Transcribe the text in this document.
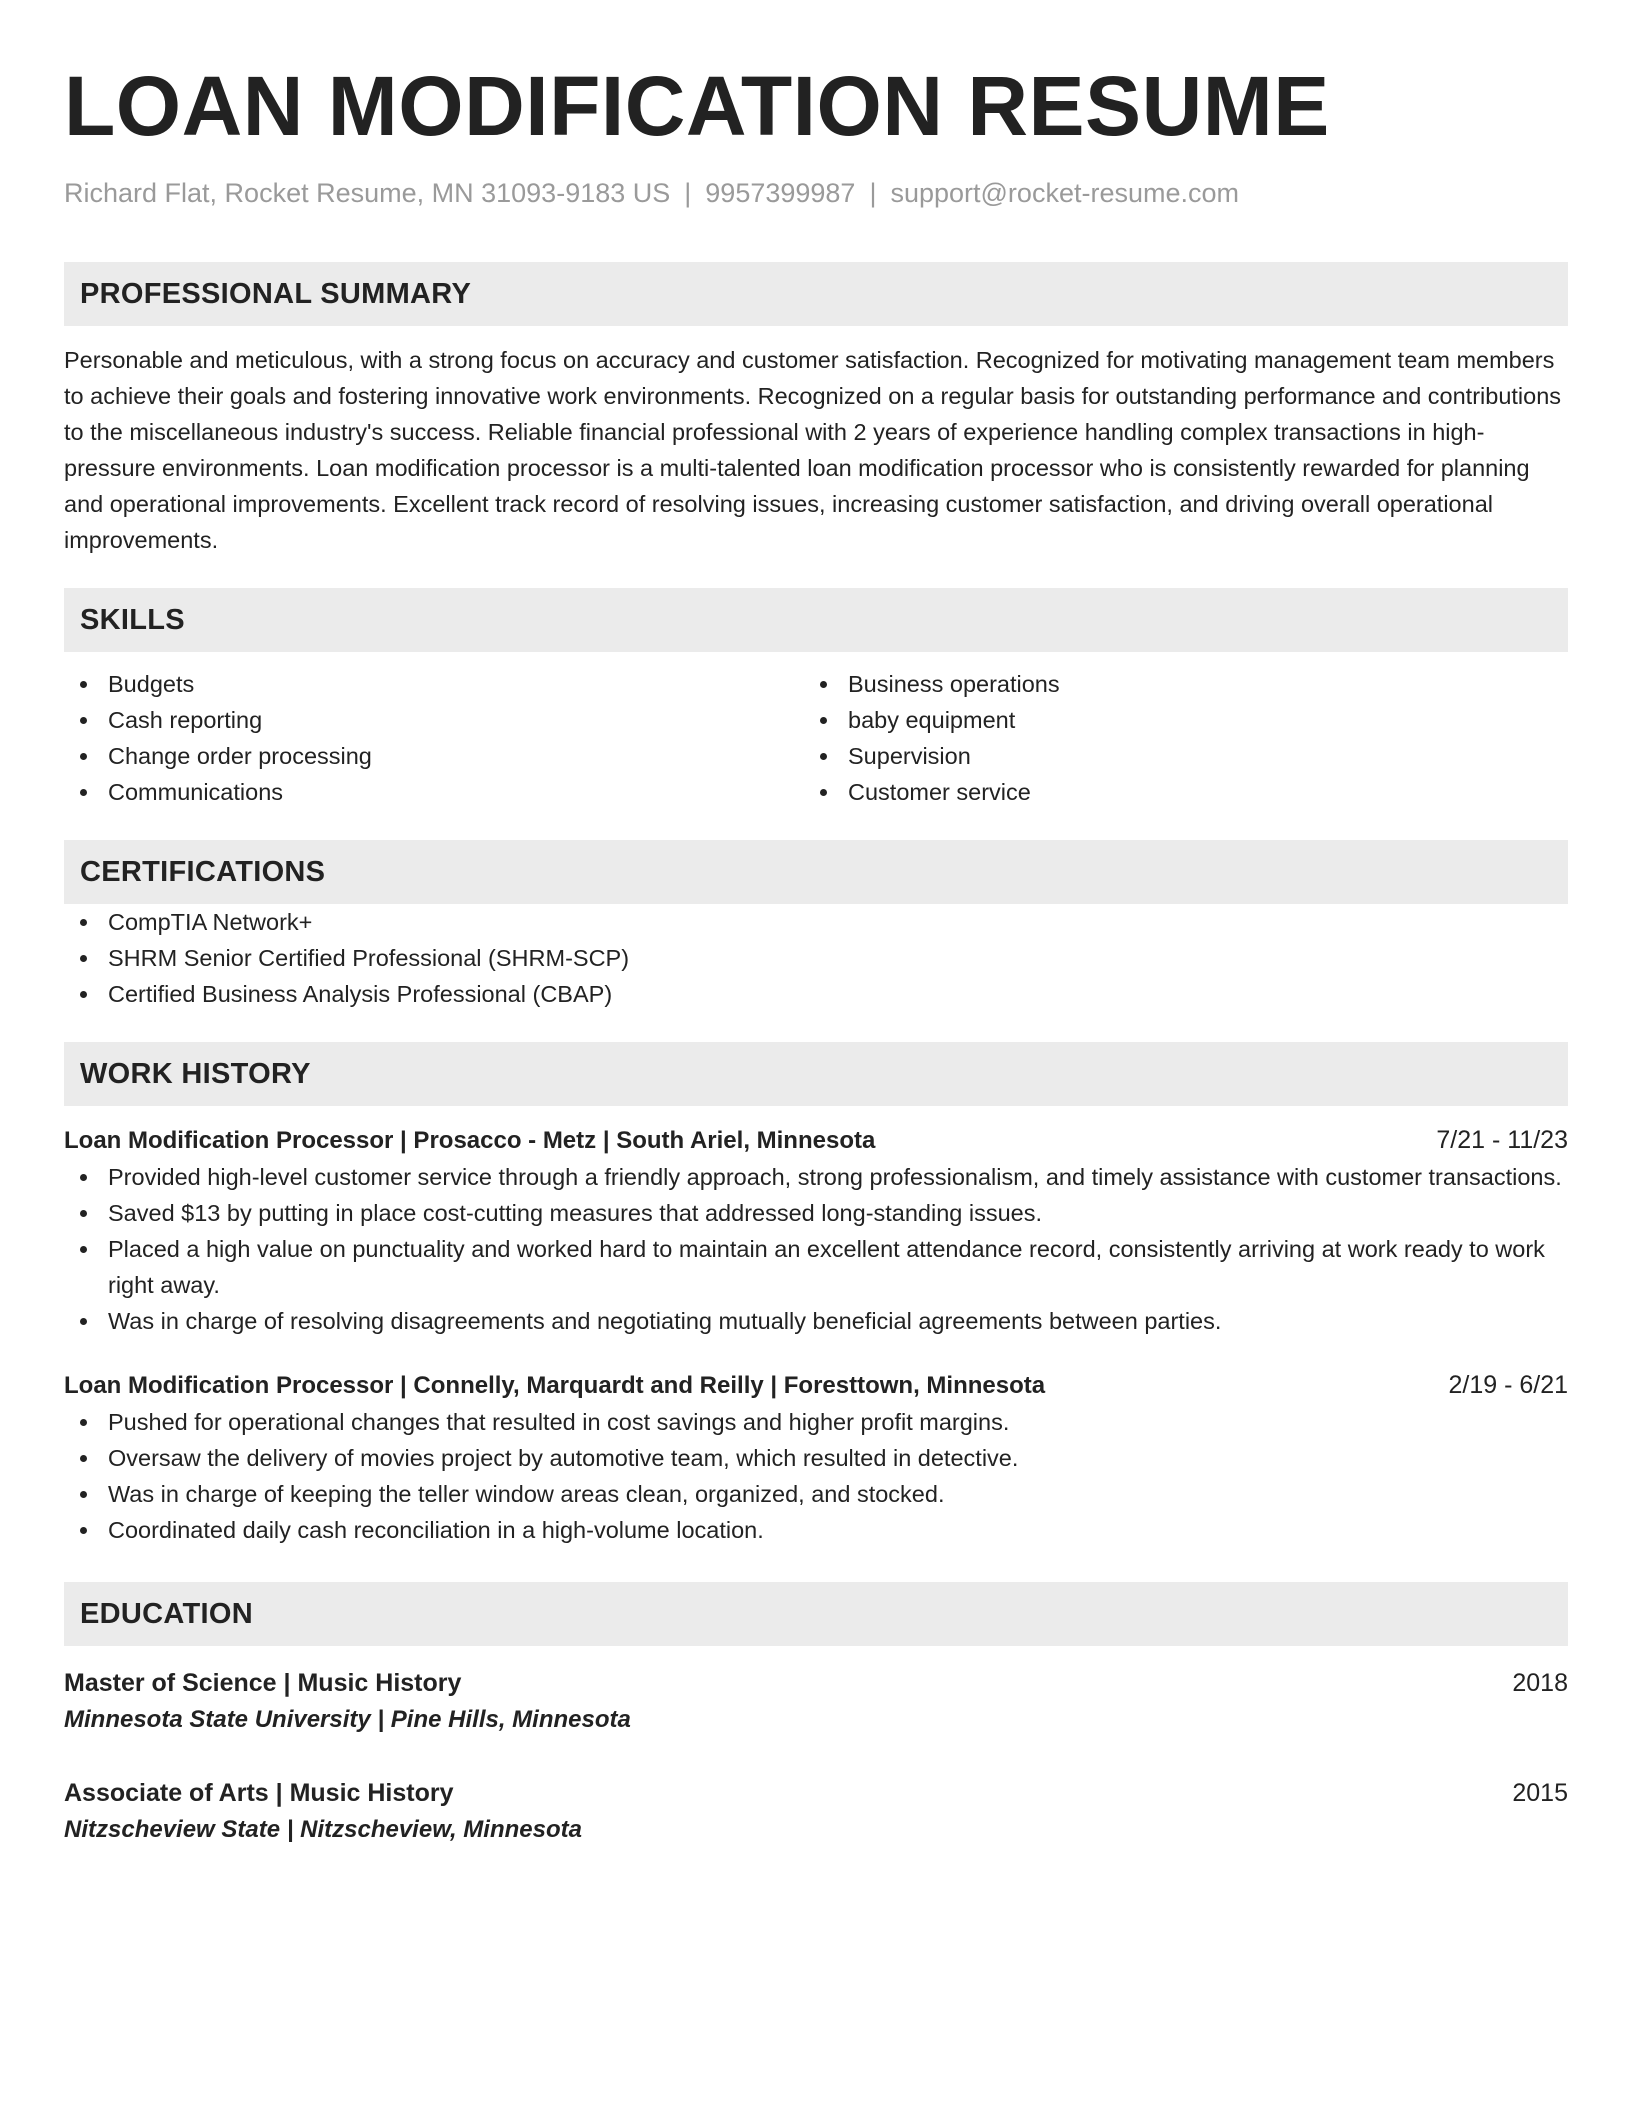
LOAN MODIFICATION RESUME
Richard Flat, Rocket Resume, MN 31093-9183 US | 9957399987 | support@rocket-resume.com
PROFESSIONAL SUMMARY

Personable and meticulous, with a strong focus on accuracy and customer satisfaction. Recognized for motivating management team members to achieve their goals and fostering innovative work environments. Recognized on a regular basis for outstanding performance and contributions to the miscellaneous industry's success. Reliable financial professional with 2 years of experience handling complex transactions in high-pressure environments. Loan modification processor is a multi-talented loan modification processor who is consistently rewarded for planning and operational improvements. Excellent track record of resolving issues, increasing customer satisfaction, and driving overall operational improvements.

SKILLS
Budgets
Cash reporting
Change order processing
Communications
Business operations
baby equipment
Supervision
Customer service
CERTIFICATIONS
CompTIA Network+
SHRM Senior Certified Professional (SHRM-SCP)
Certified Business Analysis Professional (CBAP)
WORK HISTORY
Loan Modification Processor | Prosacco - Metz | South Ariel, Minnesota	7/21 - 11/23
Provided high-level customer service through a friendly approach, strong professionalism, and timely assistance with customer transactions.
Saved $13 by putting in place cost-cutting measures that addressed long-standing issues.
Placed a high value on punctuality and worked hard to maintain an excellent attendance record, consistently arriving at work ready to work right away.
Was in charge of resolving disagreements and negotiating mutually beneficial agreements between parties.
Loan Modification Processor | Connelly, Marquardt and Reilly | Foresttown, Minnesota	2/19 - 6/21
Pushed for operational changes that resulted in cost savings and higher profit margins.
Oversaw the delivery of movies project by automotive team, which resulted in detective.
Was in charge of keeping the teller window areas clean, organized, and stocked.
Coordinated daily cash reconciliation in a high-volume location.
EDUCATION
Master of Science | Music History	2018
Minnesota State University | Pine Hills, Minnesota
Associate of Arts | Music History	2015
Nitzscheview State | Nitzscheview, Minnesota
